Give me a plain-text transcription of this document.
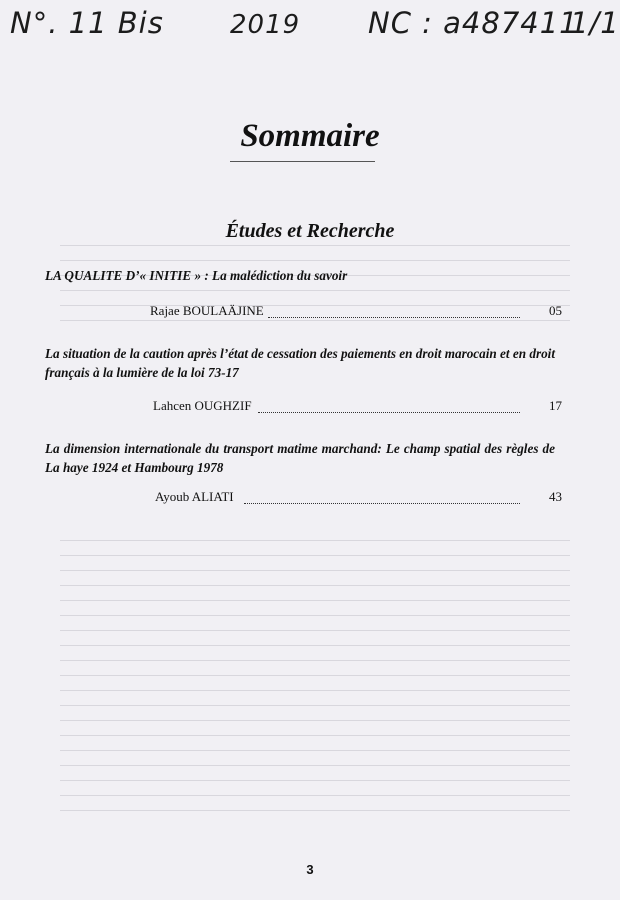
N°. 11 Bis	2019 NC : a487411
1/1
Sommaire
Études et Recherche

LA QUALITE D’« INITIE » : La malédiction du savoir

Rajae BOULAÄJINE	05

La situation de la caution après l’état de cessation des paiements en droit marocain et en droit français à la lumière de la loi 73-17

Lahcen OUGHZIF	17

La dimension internationale du transport matime marchand: Le champ spatial des règles de La haye 1924 et Hambourg 1978

Ayoub ALIATI	43
3
